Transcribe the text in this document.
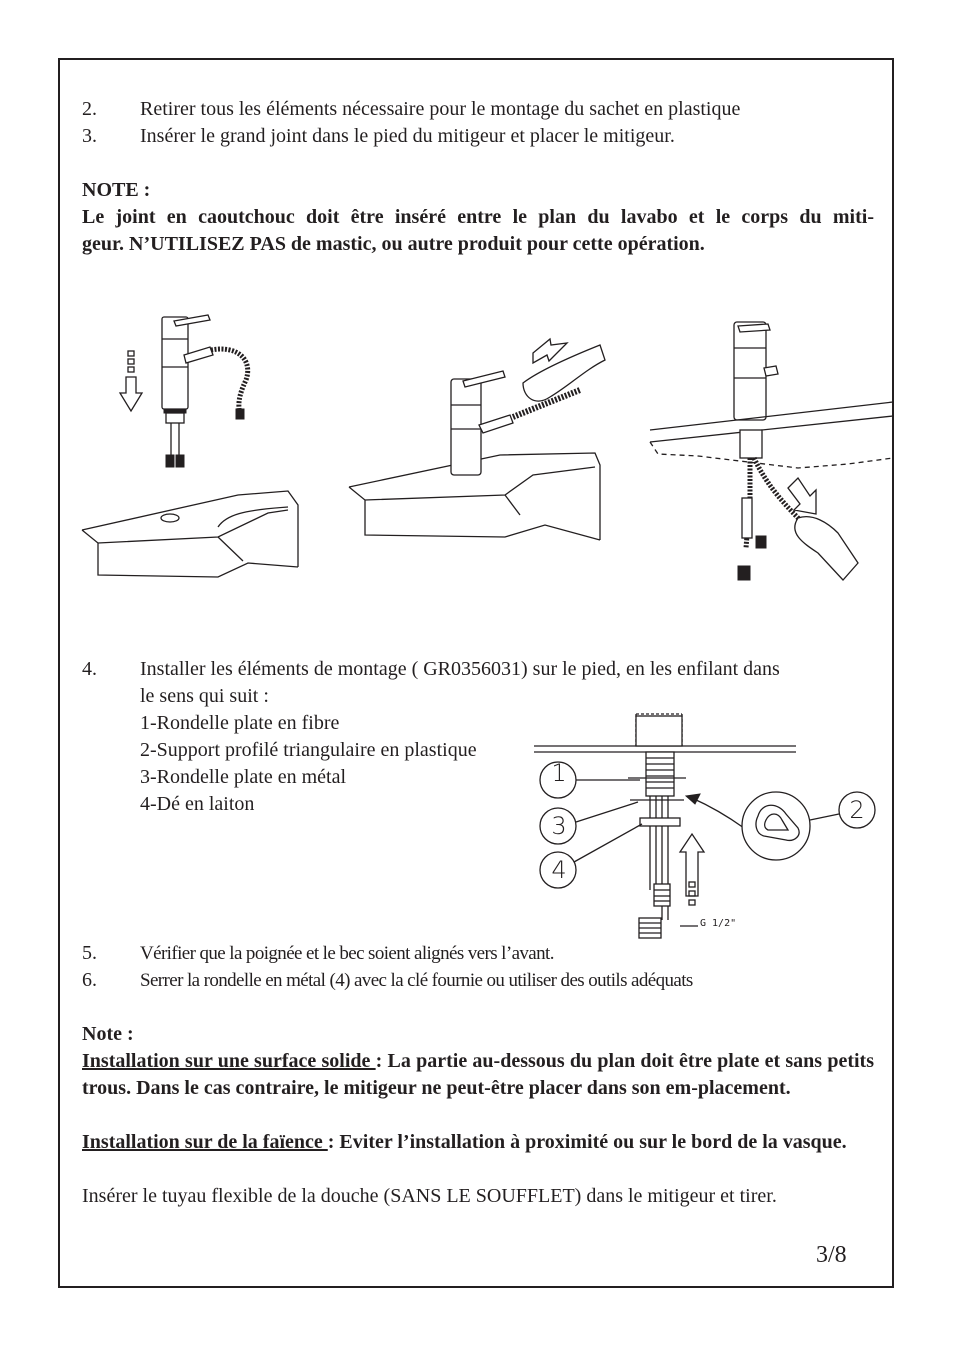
2. Retirer tous les éléments nécessaire pour le montage du sachet en plastique
3. Insérer le grand joint dans le pied du mitigeur et placer le mitigeur.
NOTE :
Le joint en caoutchouc doit être inséré entre le plan du lavabo et le corps du miti-
geur. N’UTILISEZ PAS de mastic, ou autre produit pour cette opération.
4. Installer les éléments de montage ( GR0356031) sur le pied, en les enfilant dans
le sens qui suit :
1-Rondelle plate en fibre
2-Support profilé triangulaire en plastique
3-Rondelle plate en métal
4-Dé en laiton
1
3
4
2
G 1/2"
5. Vérifier que la poignée et le bec soient alignés vers l’avant.
6. Serrer la rondelle en métal (4) avec la clé fournie ou utiliser des outils adéquats
Note :
Installation sur une surface solide : La partie au-dessous du plan doit être plate et sans petits trous. Dans le cas contraire, le mitigeur ne peut-être placer dans son em-placement.
Installation sur de la faïence : Eviter l’installation à proximité ou sur le bord de la vasque.
Insérer le tuyau flexible de la douche (SANS LE SOUFFLET) dans le mitigeur et tirer.
3/8
